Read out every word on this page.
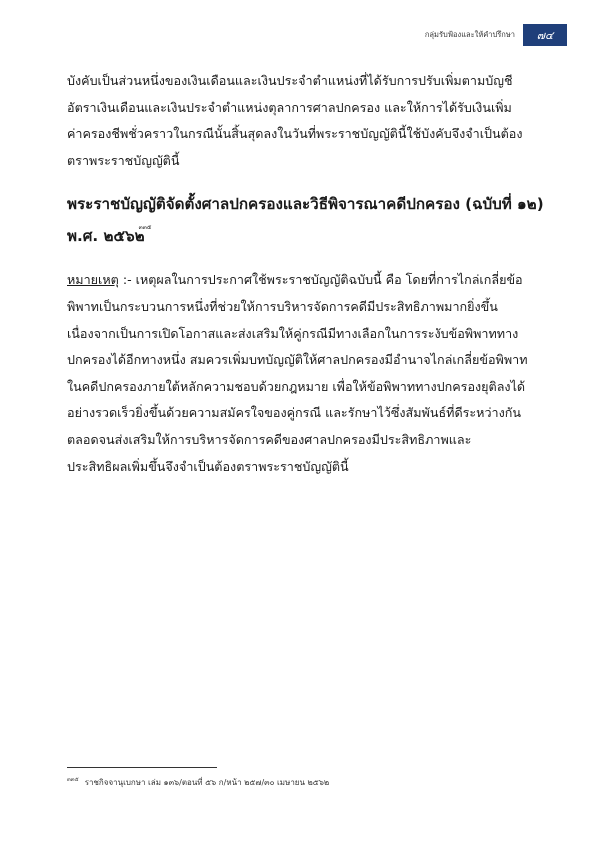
กลุ่มรับฟ้องและให้คำปรึกษา ๗๔

บังคับเป็นส่วนหนึ่งของเงินเดือนและเงินประจำตำแหน่งที่ได้รับการปรับเพิ่มตามบัญชี
อัตราเงินเดือนและเงินประจำตำแหน่งตุลาการศาลปกครอง และให้การได้รับเงินเพิ่ม
ค่าครองชีพชั่วคราวในกรณีนั้นสิ้นสุดลงในวันที่พระราชบัญญัตินี้ใช้บังคับจึงจำเป็นต้อง
ตราพระราชบัญญัตินี้

พระราชบัญญัติจัดตั้งศาลปกครองและวิธีพิจารณาคดีปกครอง (ฉบับที่ ๑๒)
พ.ศ. ๒๕๖๒$^{๓๓๕}$

หมายเหตุ :- เหตุผลในการประกาศใช้พระราชบัญญัติฉบับนี้ คือ โดยที่การไกล่เกลี่ยข้อ
พิพาทเป็นกระบวนการหนึ่งที่ช่วยให้การบริหารจัดการคดีมีประสิทธิภาพมากยิ่งขึ้น
เนื่องจากเป็นการเปิดโอกาสและส่งเสริมให้คู่กรณีมีทางเลือกในการระงับข้อพิพาททาง
ปกครองได้อีกทางหนึ่ง สมควรเพิ่มบทบัญญัติให้ศาลปกครองมีอำนาจไกล่เกลี่ยข้อพิพาท
ในคดีปกครองภายใต้หลักความชอบด้วยกฎหมาย เพื่อให้ข้อพิพาททางปกครองยุติลงได้
อย่างรวดเร็วยิ่งขึ้นด้วยความสมัครใจของคู่กรณี และรักษาไว้ซึ่งสัมพันธ์ที่ดีระหว่างกัน
ตลอดจนส่งเสริมให้การบริหารจัดการคดีของศาลปกครองมีประสิทธิภาพและ
ประสิทธิผลเพิ่มขึ้นจึงจำเป็นต้องตราพระราชบัญญัตินี้

$^{๓๓๕}$ ราชกิจจานุเบกษา เล่ม ๑๓๖/ตอนที่ ๕๖ ก/หน้า ๒๕๗/๓๐ เมษายน ๒๕๖๒
